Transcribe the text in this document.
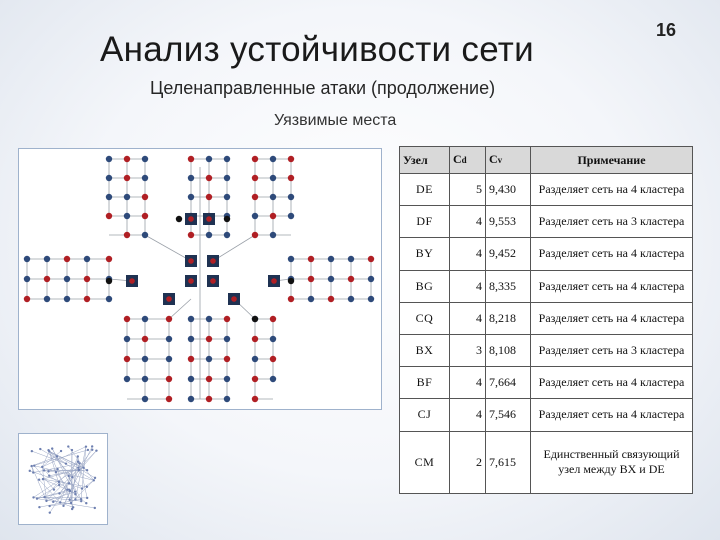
16
Анализ устойчивости сети
Целенаправленные атаки (продолжение)
Уязвимые места
Узел	Cd	Cv	Примечание
DE	5	9,430	Разделяет сеть на 4 кластера
DF	4	9,553	Разделяет сеть на 3 кластера
BY	4	9,452	Разделяет сеть на 4 кластера
BG	4	8,335	Разделяет сеть на 4 кластера
CQ	4	8,218	Разделяет сеть на 4 кластера
BX	3	8,108	Разделяет сеть на 3 кластера
BF	4	7,664	Разделяет сеть на 4 кластера
CJ	4	7,546	Разделяет сеть на 4 кластера
CM	2	7,615	Единственный связующий узел между BX и DE
